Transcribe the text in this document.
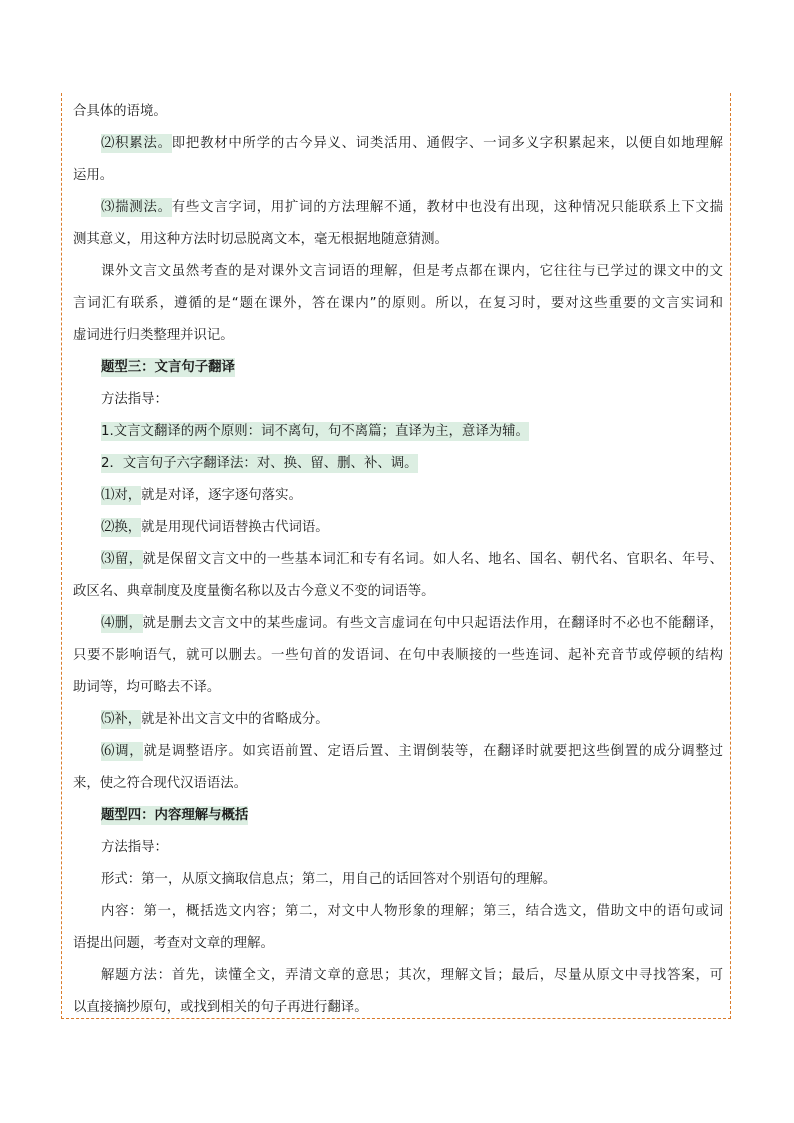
合具体的语境。
⑵积累法。即把教材中所学的古今异义、词类活用、通假字、一词多义字积累起来，以便自如地理解
运用。
⑶揣测法。有些文言字词，用扩词的方法理解不通，教材中也没有出现，这种情况只能联系上下文揣
测其意义，用这种方法时切忌脱离文本，毫无根据地随意猜测。
课外文言文虽然考查的是对课外文言词语的理解，但是考点都在课内，它往往与已学过的课文中的文
言词汇有联系，遵循的是“题在课外，答在课内”的原则。所以，在复习时，要对这些重要的文言实词和
虚词进行归类整理并识记。
题型三：文言句子翻译
方法指导：
1.文言文翻译的两个原则：词不离句，句不离篇；直译为主，意译为辅。
2．文言句子六字翻译法：对、换、留、删、补、调。
⑴对，就是对译，逐字逐句落实。
⑵换，就是用现代词语替换古代词语。
⑶留，就是保留文言文中的一些基本词汇和专有名词。如人名、地名、国名、朝代名、官职名、年号、
政区名、典章制度及度量衡名称以及古今意义不变的词语等。
⑷删，就是删去文言文中的某些虚词。有些文言虚词在句中只起语法作用，在翻译时不必也不能翻译，
只要不影响语气，就可以删去。一些句首的发语词、在句中表顺接的一些连词、起补充音节或停顿的结构
助词等，均可略去不译。
⑸补，就是补出文言文中的省略成分。
⑹调，就是调整语序。如宾语前置、定语后置、主谓倒装等，在翻译时就要把这些倒置的成分调整过
来，使之符合现代汉语语法。
题型四：内容理解与概括
方法指导：
形式：第一，从原文摘取信息点；第二，用自己的话回答对个别语句的理解。
内容：第一，概括选文内容；第二，对文中人物形象的理解；第三，结合选文，借助文中的语句或词
语提出问题，考查对文章的理解。
解题方法：首先，读懂全文，弄清文章的意思；其次，理解文旨；最后，尽量从原文中寻找答案，可
以直接摘抄原句，或找到相关的句子再进行翻译。
